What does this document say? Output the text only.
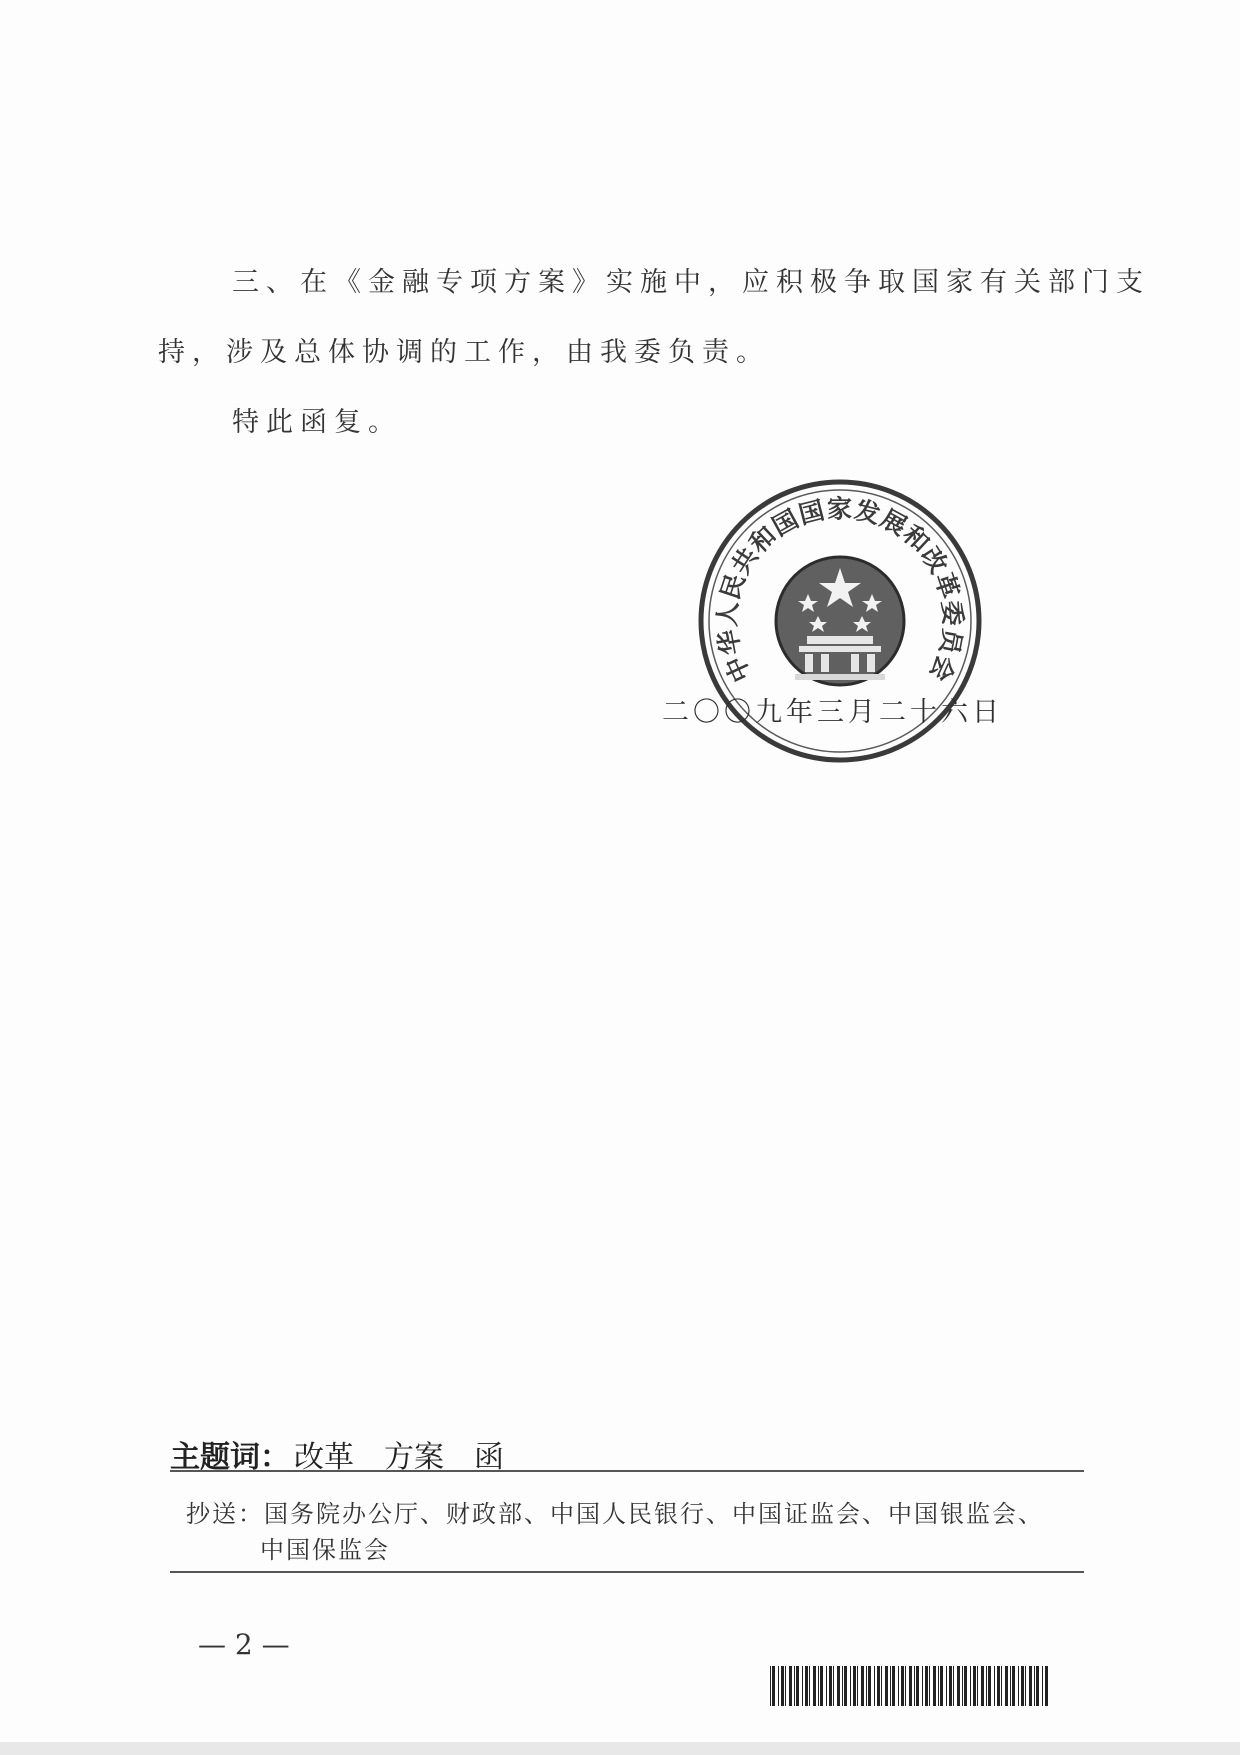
三、在《金融专项方案》实施中，应积极争取国家有关部门支
持，涉及总体协调的工作，由我委负责。
特此函复。
中华人民共和国国家发展和改革委员会
二〇〇九年三月二十六日
主题词： 改革 方案 函
抄送：国务院办公厅、财政部、中国人民银行、中国证监会、中国银监会、
中国保监会
— 2 —
